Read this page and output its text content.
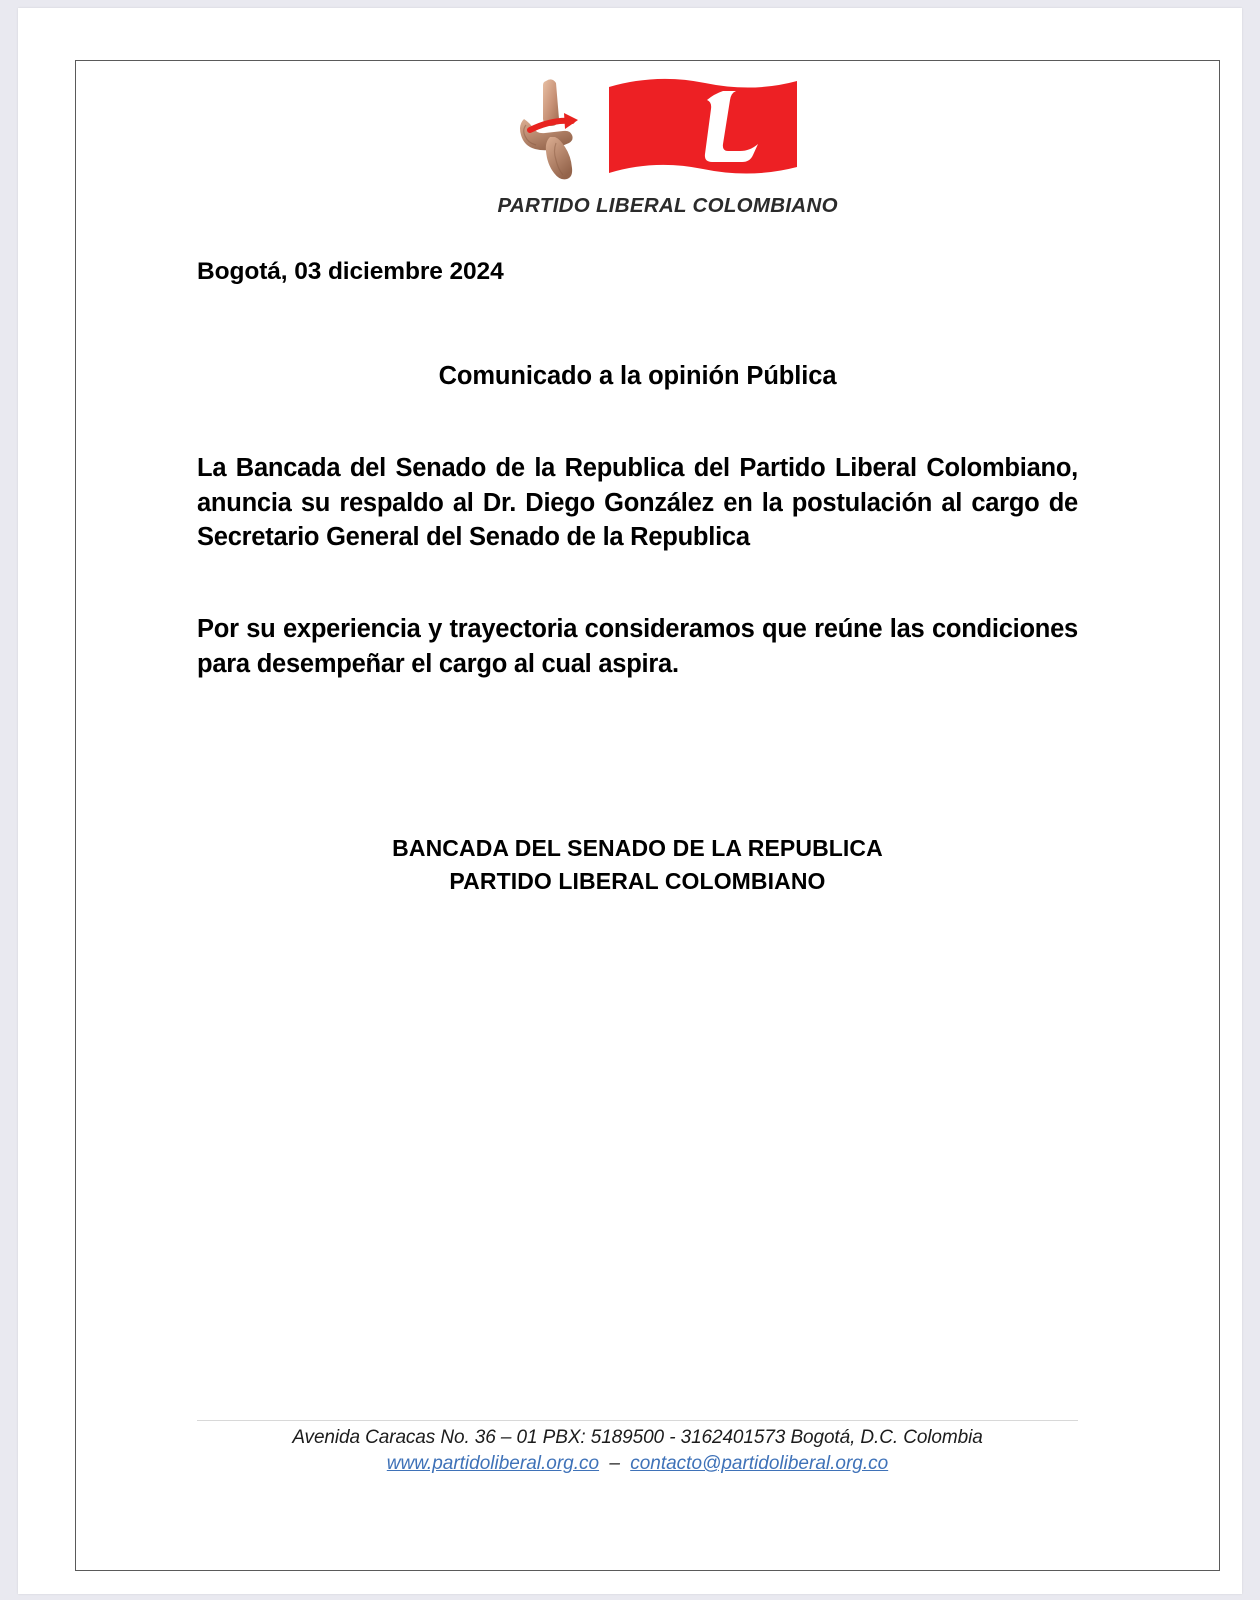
PARTIDO LIBERAL COLOMBIANO
Bogotá, 03 diciembre 2024
Comunicado a la opinión Pública
La Bancada del Senado de la Republica del Partido Liberal Colombiano, anuncia su respaldo al Dr. Diego González en la postulación al cargo de Secretario General del Senado de la Republica
Por su experiencia y trayectoria consideramos que reúne las condiciones para desempeñar el cargo al cual aspira.
BANCADA DEL SENADO DE LA REPUBLICA
PARTIDO LIBERAL COLOMBIANO
Avenida Caracas No. 36 – 01 PBX: 5189500 - 3162401573 Bogotá, D.C. Colombia
www.partidoliberal.org.co – contacto@partidoliberal.org.co
